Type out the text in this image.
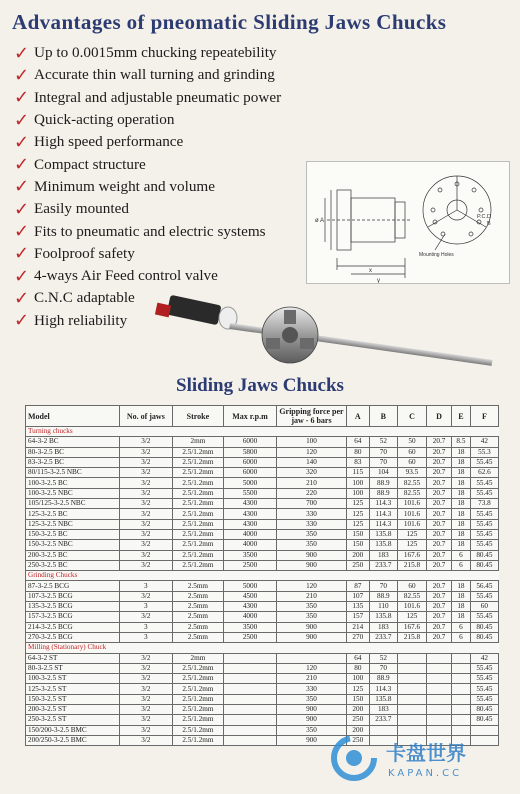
Advantages of pneomatic Sliding Jaws Chucks
✓ Up to 0.0015mm chucking repeatebility
✓ Accurate thin wall turning and grinding
✓ Integral and adjustable pneumatic power
✓ Quick-acting operation
✓ High speed performance
✓ Compact structure
✓ Minimum weight and volume
✓ Easily mounted
✓ Fits to pneumatic and electric systems
✓ Foolproof safety
✓ 4-ways Air Feed control valve
✓ C.N.C adaptable
✓ High reliability
ø A
x
y
P.C.D
B
Mounting Holes
Sliding Jaws Chucks
Model	No. of jaws	Stroke	Max r.p.m	Gripping force per jaw - 6 bars	A	B	C	D	E	F
Turning chucks										
64-3-2 BC	3/2	2mm	6000	100	64	52	50	20.7	8.5	42
80-3-2.5 BC	3/2	2.5/1.2mm	5800	120	80	70	60	20.7	18	55.3
83-3-2.5 BC	3/2	2.5/1.2mm	6000	140	83	70	60	20.7	18	55.45
80/115-3-2.5 NBC	3/2	2.5/1.2mm	6000	320	115	104	93.5	20.7	18	62.6
100-3-2.5 BC	3/2	2.5/1.2mm	5000	210	100	88.9	82.55	20.7	18	55.45
100-3-2.5 NBC	3/2	2.5/1.2mm	5500	220	100	88.9	82.55	20.7	18	55.45
105/125-3-2.5 NBC	3/2	2.5/1.2mm	4300	700	125	114.3	101.6	20.7	18	73.8
125-3-2.5 BC	3/2	2.5/1.2mm	4300	330	125	114.3	101.6	20.7	18	55.45
125-3-2.5 NBC	3/2	2.5/1.2mm	4300	330	125	114.3	101.6	20.7	18	55.45
150-3-2.5 BC	3/2	2.5/1.2mm	4000	350	150	135.8	125	20.7	18	55.45
150-3-2.5 NBC	3/2	2.5/1.2mm	4000	350	150	135.8	125	20.7	18	55.45
200-3-2.5 BC	3/2	2.5/1.2mm	3500	900	200	183	167.6	20.7	6	80.45
250-3-2.5 BC	3/2	2.5/1.2mm	2500	900	250	233.7	215.8	20.7	6	80.45
Grinding Chucks										
87-3-2.5 BCG	3	2.5mm	5000	120	87	70	60	20.7	18	56.45
107-3-2.5 BCG	3/2	2.5mm	4500	210	107	88.9	82.55	20.7	18	55.45
135-3-2.5 BCG	3	2.5mm	4300	350	135	110	101.6	20.7	18	60
157-3-2.5 BCG	3/2	2.5mm	4000	350	157	135.8	125	20.7	18	55.45
214-3-2.5 BCG	3	2.5mm	3500	900	214	183	167.6	20.7	6	80.45
270-3-2.5 BCG	3	2.5mm	2500	900	270	233.7	215.8	20.7	6	80.45
Milling (Stationary) Chuck										
64-3-2 ST	3/2	2mm			64	52				42
80-3-2.5 ST	3/2	2.5/1.2mm		120	80	70				55.45
100-3-2.5 ST	3/2	2.5/1.2mm		210	100	88.9				55.45
125-3-2.5 ST	3/2	2.5/1.2mm		330	125	114.3				55.45
150-3-2.5 ST	3/2	2.5/1.2mm		350	150	135.8				55.45
200-3-2.5 ST	3/2	2.5/1.2mm		900	200	183				80.45
250-3-2.5 ST	3/2	2.5/1.2mm		900	250	233.7				80.45
150/200-3-2.5 BMC	3/2	2.5/1.2mm		350	200					
200/250-3-2.5 BMC	3/2	2.5/1.2mm		900	250					
卡盘世界
KAPAN.CC
